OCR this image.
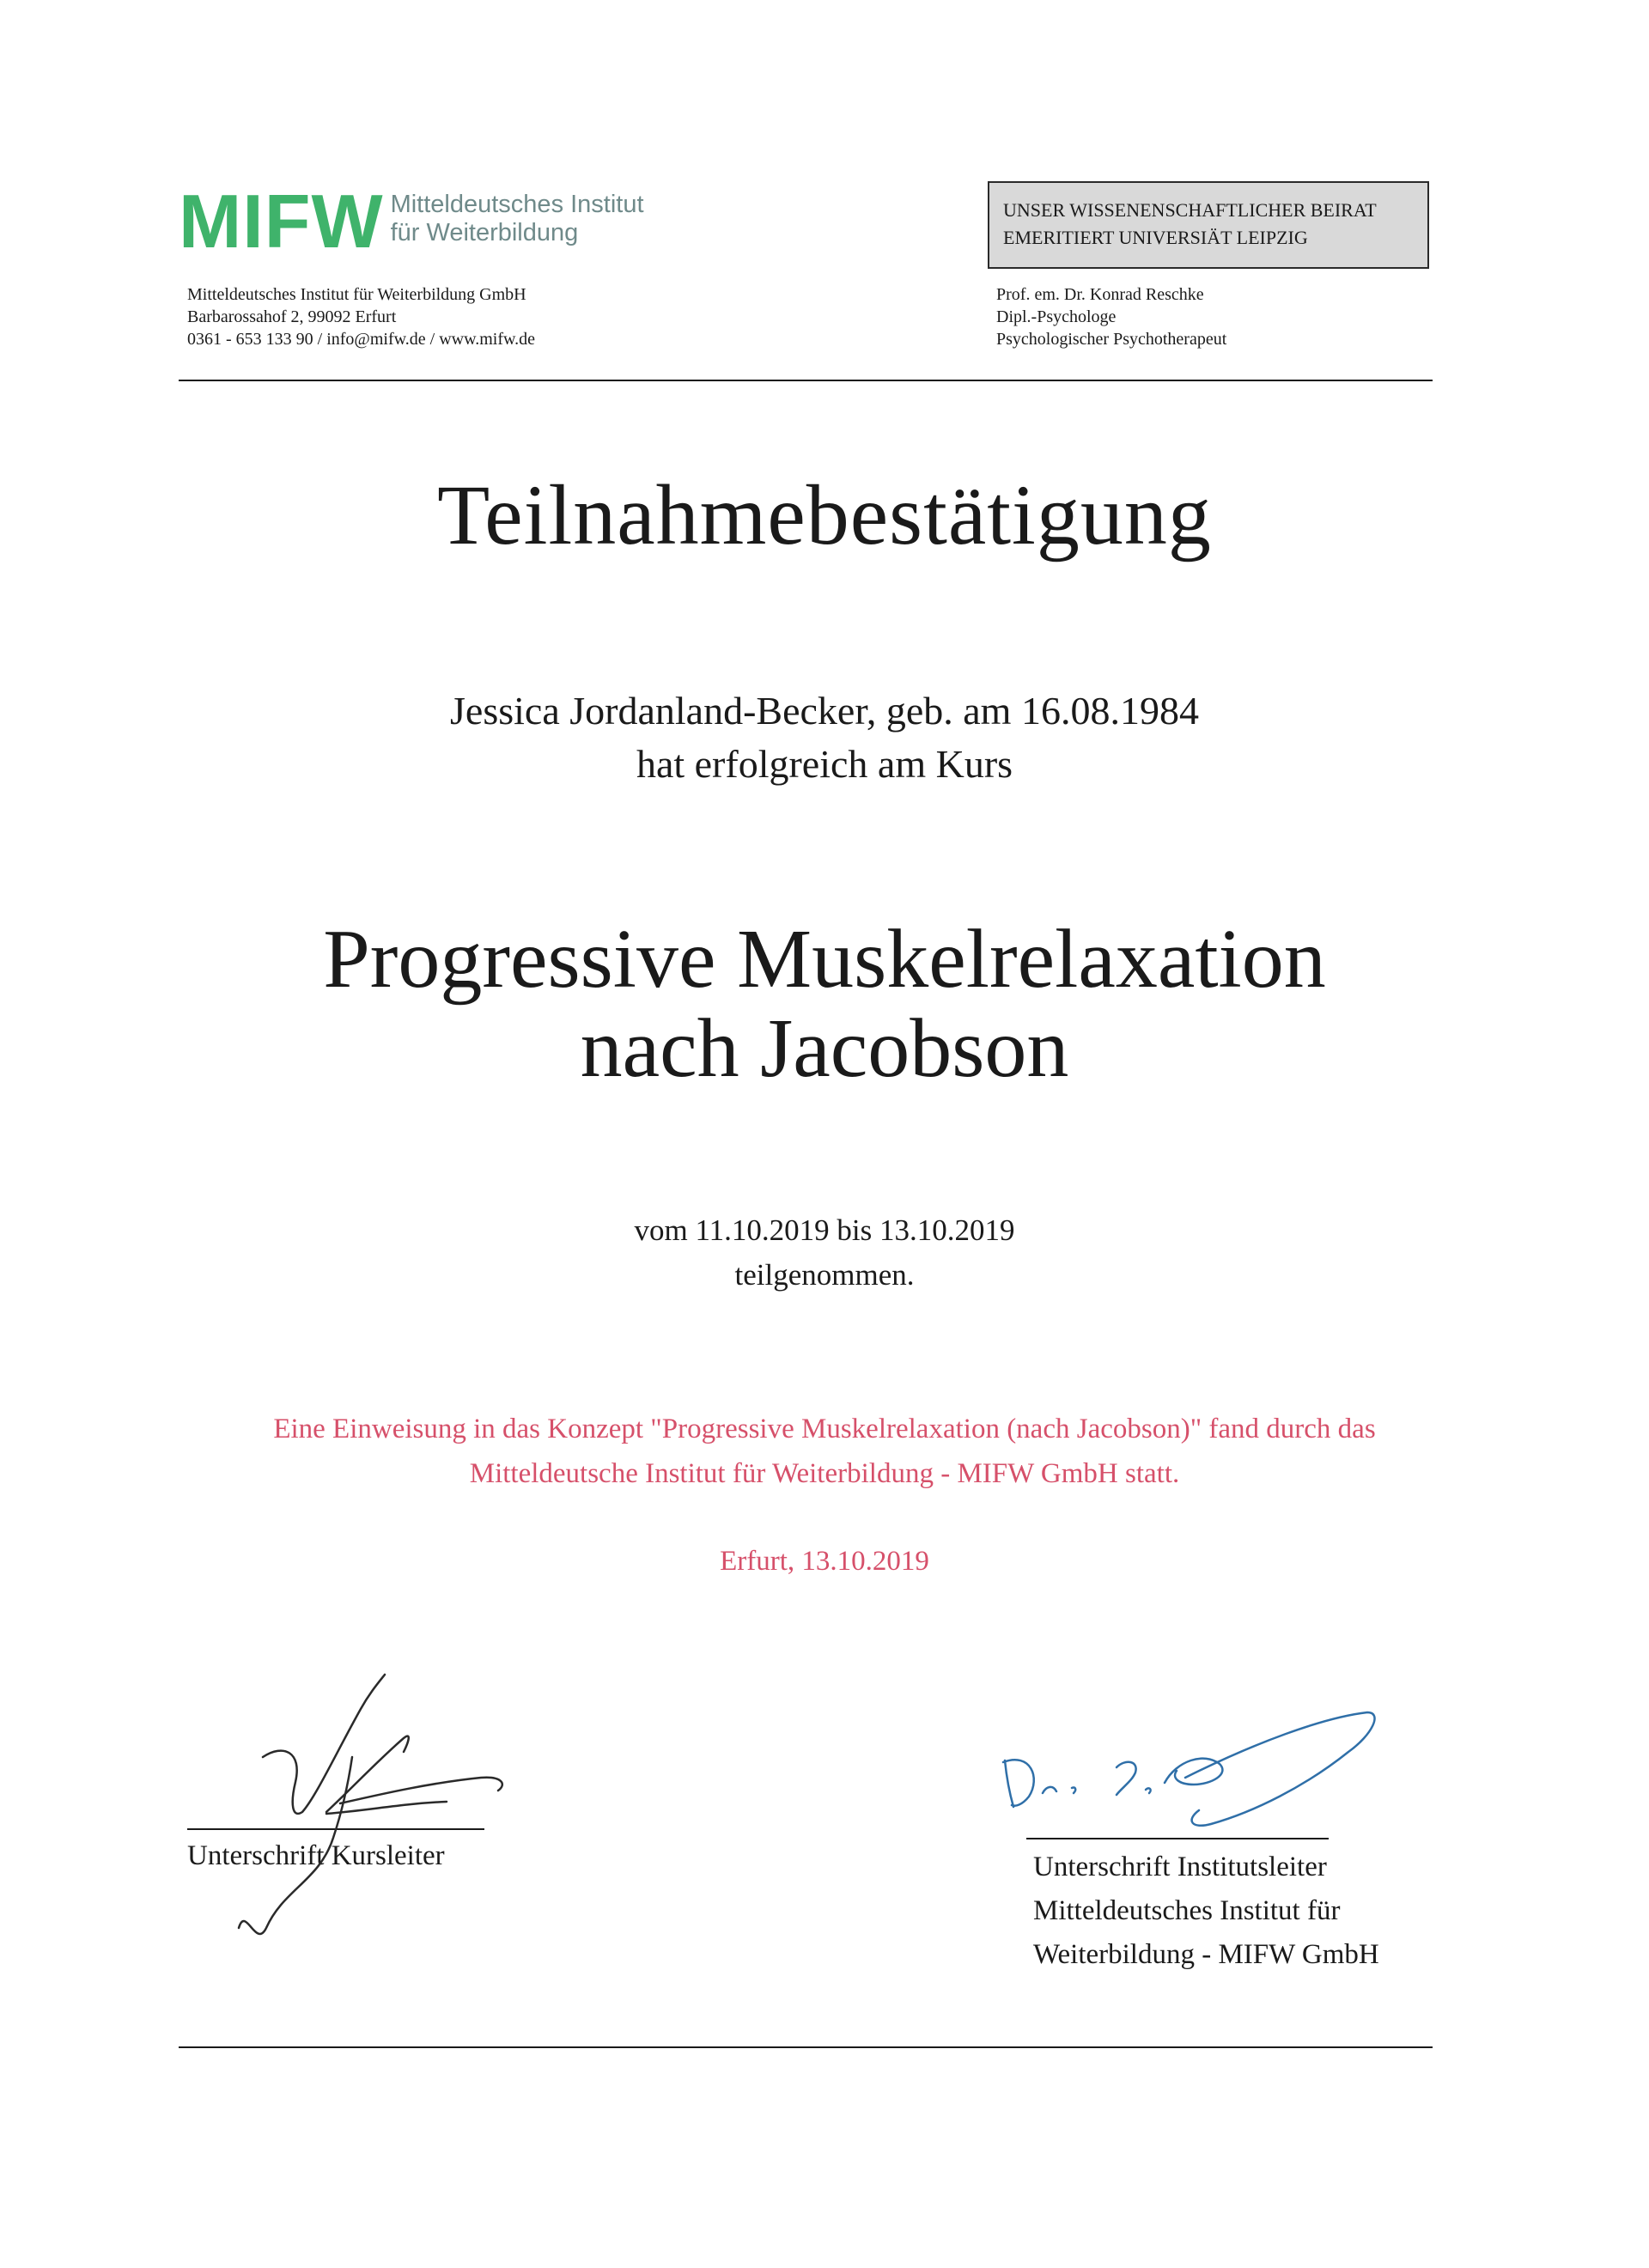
MIFW Mitteldeutsches Institut
für Weiterbildung
Mitteldeutsches Institut für Weiterbildung GmbH
Barbarossahof 2, 99092 Erfurt
0361 - 653 133 90 / info@mifw.de / www.mifw.de
UNSER WISSENENSCHAFTLICHER BEIRAT
EMERITIERT UNIVERSIÄT LEIPZIG
Prof. em. Dr. Konrad Reschke
Dipl.-Psychologe
Psychologischer Psychotherapeut
Teilnahmebestätigung
Jessica Jordanland-Becker, geb. am 16.08.1984
hat erfolgreich am Kurs
Progressive Muskelrelaxation
nach Jacobson
vom 11.10.2019 bis 13.10.2019
teilgenommen.
Eine Einweisung in das Konzept "Progressive Muskelrelaxation (nach Jacobson)" fand durch das
Mitteldeutsche Institut für Weiterbildung - MIFW GmbH statt.
Erfurt, 13.10.2019
Unterschrift Kursleiter	Unterschrift Institutsleiter
Mitteldeutsches Institut für
Weiterbildung - MIFW GmbH
